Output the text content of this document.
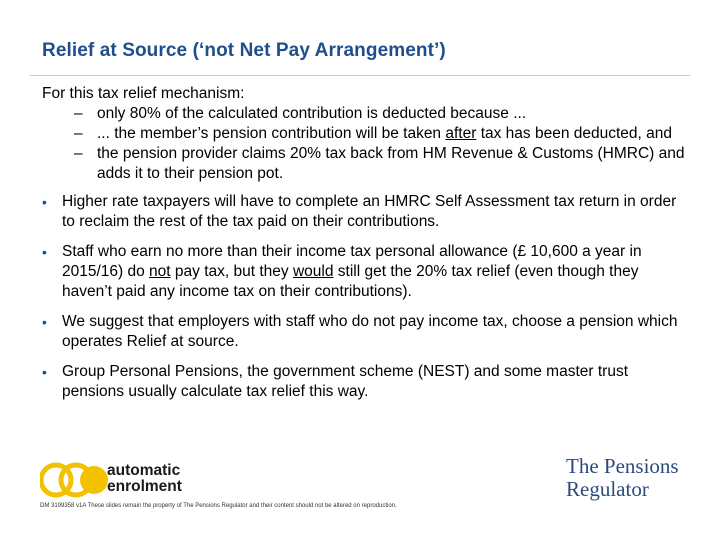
Relief at Source (‘not Net Pay Arrangement’)

For this tax relief mechanism:

– only 80% of the calculated contribution is deducted because ...

– ... the member’s pension contribution will be taken after tax has been deducted, and

– the pension provider claims 20% tax back from HM Revenue & Customs (HMRC) and adds it to their pension pot.

• Higher rate taxpayers will have to complete an HMRC Self Assessment tax return in order to reclaim the rest of the tax paid on their contributions.

• Staff who earn no more than their income tax personal allowance (£ 10,600 a year in 2015/16) do not pay tax, but they would still get the 20% tax relief (even though they haven’t paid any income tax on their contributions).

• We suggest that employers with staff who do not pay income tax, choose a pension which operates Relief at source.

• Group Personal Pensions, the government scheme (NEST) and some master trust pensions usually calculate tax relief this way.

automatic
enrolment
The Pensions
Regulator
DM 3199358 v1A These slides remain the property of The Pensions Regulator and their content should not be altered on reproduction.
